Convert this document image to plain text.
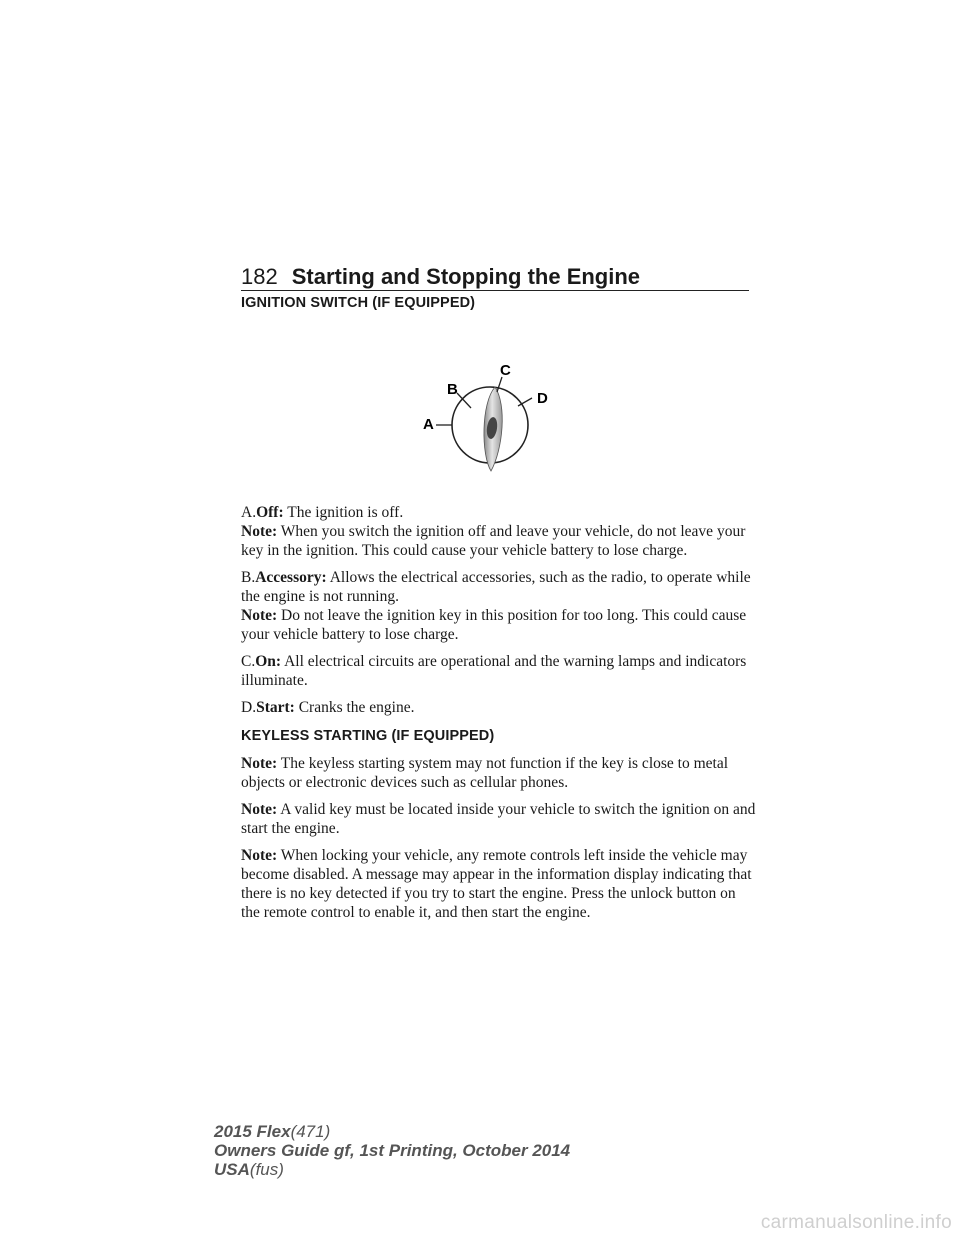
182 Starting and Stopping the Engine
IGNITION SWITCH (IF EQUIPPED)
A
B
C
D

A.Off: The ignition is off.

Note: When you switch the ignition off and leave your vehicle, do not leave your key in the ignition. This could cause your vehicle battery to lose charge.

B.Accessory: Allows the electrical accessories, such as the radio, to operate while the engine is not running.

Note: Do not leave the ignition key in this position for too long. This could cause your vehicle battery to lose charge.

C.On: All electrical circuits are operational and the warning lamps and indicators illuminate.

D.Start: Cranks the engine.

KEYLESS STARTING (IF EQUIPPED)

Note: The keyless starting system may not function if the key is close to metal objects or electronic devices such as cellular phones.

Note: A valid key must be located inside your vehicle to switch the ignition on and start the engine.

Note: When locking your vehicle, any remote controls left inside the vehicle may become disabled. A message may appear in the information display indicating that there is no key detected if you try to start the engine. Press the unlock button on the remote control to enable it, and then start the engine.

2015 Flex(471)
Owners Guide gf, 1st Printing, October 2014
USA(fus)
carmanualsonline.info
